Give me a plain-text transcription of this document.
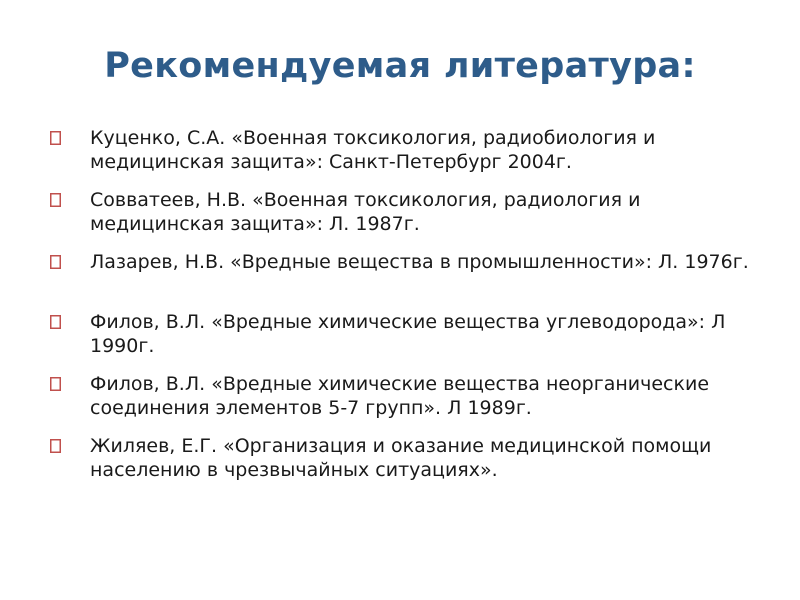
Рекомендуемая литература:
Куценко, С.А. «Военная токсикология, радиобиология и медицинская защита»: Санкт-Петербург 2004г.
Совватеев, Н.В. «Военная токсикология, радиология и медицинская защита»: Л. 1987г.
Лазарев, Н.В. «Вредные вещества в промышленности»: Л. 1976г.
Филов, В.Л. «Вредные химические вещества углеводорода»: Л 1990г.
Филов, В.Л. «Вредные химические вещества неорганические соединения элементов 5-7 групп». Л 1989г.
Жиляев, Е.Г. «Организация и оказание медицинской помощи населению в чрезвычайных ситуациях».
